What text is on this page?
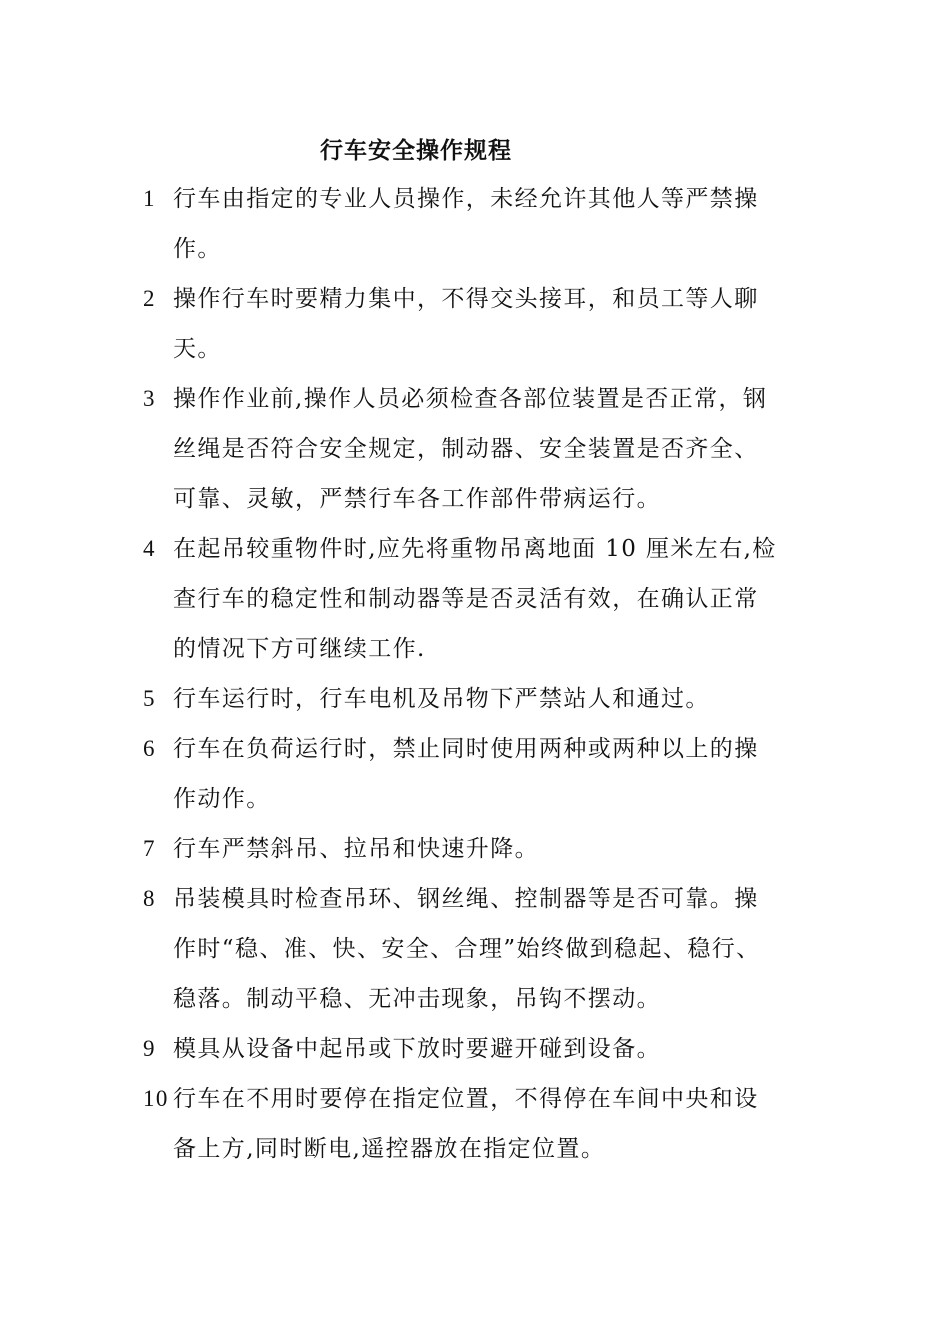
行车安全操作规程
1 行车由指定的专业人员操作，未经允许其他人等严禁操
作。
2 操作行车时要精力集中，不得交头接耳，和员工等人聊
天。
3 操作作业前,操作人员必须检查各部位装置是否正常，钢
丝绳是否符合安全规定，制动器、安全装置是否齐全、
可靠、灵敏，严禁行车各工作部件带病运行。
4 在起吊较重物件时,应先将重物吊离地面 10 厘米左右,检
查行车的稳定性和制动器等是否灵活有效，在确认正常
的情况下方可继续工作.
5 行车运行时，行车电机及吊物下严禁站人和通过。
6 行车在负荷运行时，禁止同时使用两种或两种以上的操
作动作。
7 行车严禁斜吊、拉吊和快速升降。
8 吊装模具时检查吊环、钢丝绳、控制器等是否可靠。操
作时“稳、准、快、安全、合理”始终做到稳起、稳行、
稳落。制动平稳、无冲击现象，吊钩不摆动。
9 模具从设备中起吊或下放时要避开碰到设备。
10 行车在不用时要停在指定位置，不得停在车间中央和设
备上方,同时断电,遥控器放在指定位置。
